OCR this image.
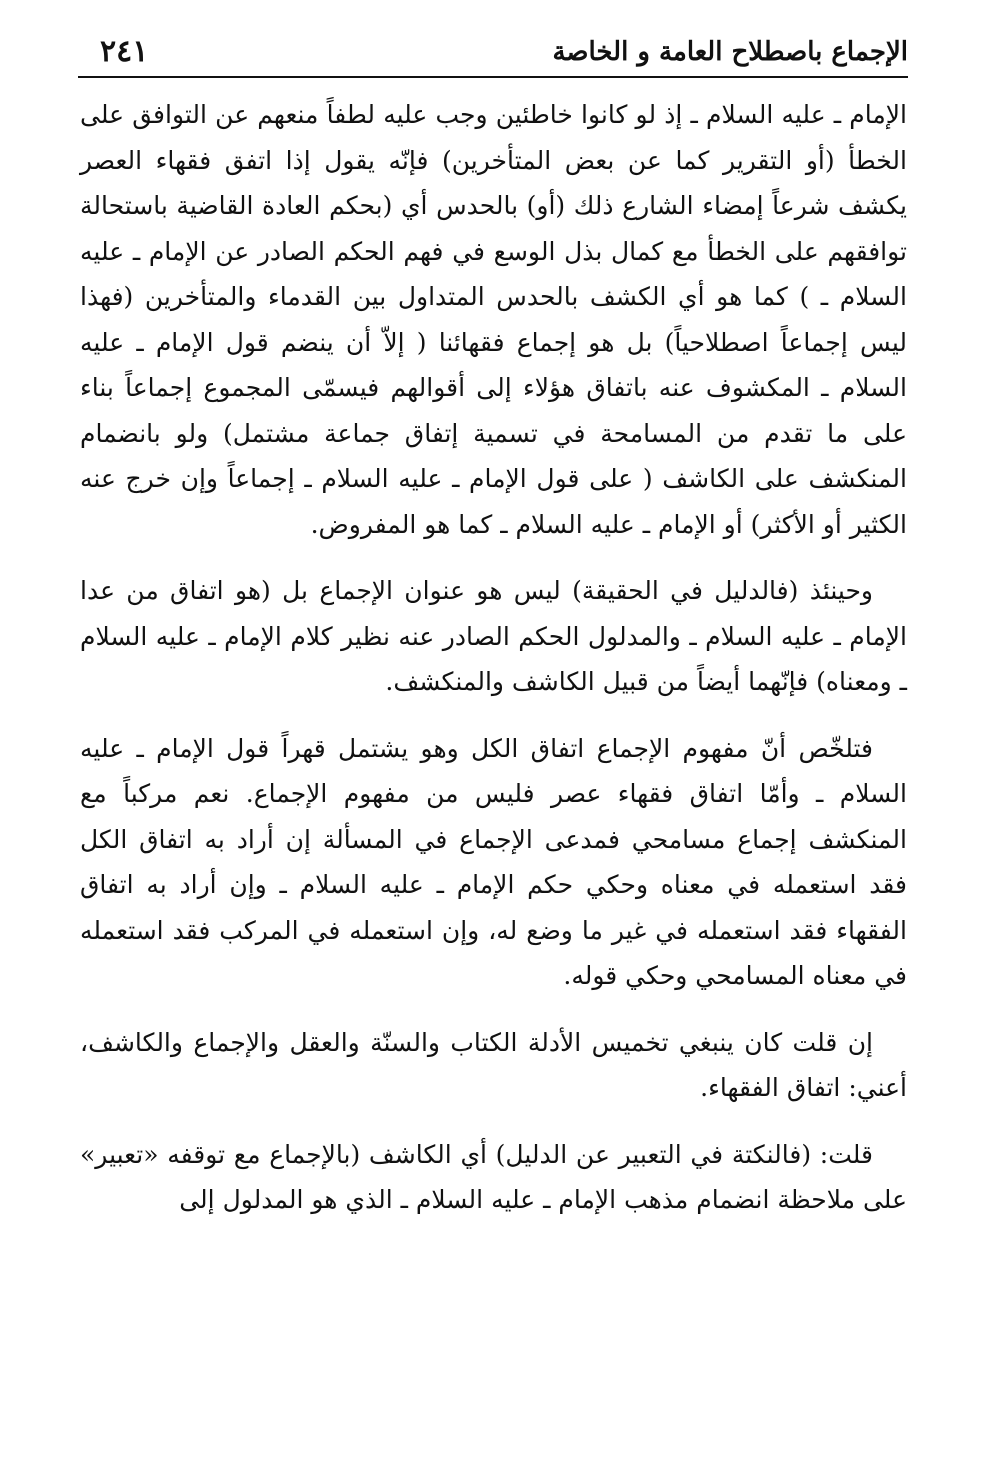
الإجماع باصطلاح العامة و الخاصة
٢٤١

الإمام ـ عليه السلام ـ إذ لو كانوا خاطئين وجب عليه لطفاً منعهم عن التوافق على الخطأ (أو التقرير كما عن بعض المتأخرين) فإنّه يقول إذا اتفق فقهاء العصر يكشف شرعاً إمضاء الشارع ذلك (أو) بالحدس أي (بحكم العادة القاضية باستحالة توافقهم على الخطأ مع كمال بذل الوسع في فهم الحكم الصادر عن الإمام ـ عليه السلام ـ ) كما هو أي الكشف بالحدس المتداول بين القدماء والمتأخرين (فهذا ليس إجماعاً اصطلاحياً) بل هو إجماع فقهائنا ( إلاّ أن ينضم قول الإمام ـ عليه السلام ـ المكشوف عنه باتفاق هؤلاء إلى أقوالهم فيسمّى المجموع إجماعاً بناء على ما تقدم من المسامحة في تسمية إتفاق جماعة مشتمل) ولو بانضمام المنكشف على الكاشف ( على قول الإمام ـ عليه السلام ـ إجماعاً وإن خرج عنه الكثير أو الأكثر) أو الإمام ـ عليه السلام ـ كما هو المفروض.

وحينئذ (فالدليل في الحقيقة) ليس هو عنوان الإجماع بل (هو اتفاق من عدا الإمام ـ عليه السلام ـ والمدلول الحكم الصادر عنه نظير كلام الإمام ـ عليه السلام ـ ومعناه) فإنّهما أيضاً من قبيل الكاشف والمنكشف.

فتلخّص أنّ مفهوم الإجماع اتفاق الكل وهو يشتمل قهراً قول الإمام ـ عليه السلام ـ وأمّا اتفاق فقهاء عصر فليس من مفهوم الإجماع. نعم مركباً مع المنكشف إجماع مسامحي فمدعى الإجماع في المسألة إن أراد به اتفاق الكل فقد استعمله في معناه وحكي حكم الإمام ـ عليه السلام ـ وإن أراد به اتفاق الفقهاء فقد استعمله في غير ما وضع له، وإن استعمله في المركب فقد استعمله في معناه المسامحي وحكي قوله.

إن قلت كان ينبغي تخميس الأدلة الكتاب والسنّة والعقل والإجماع والكاشف، أعني: اتفاق الفقهاء.

قلت: (فالنكتة في التعبير عن الدليل) أي الكاشف (بالإجماع مع توقفه «تعبير» على ملاحظة انضمام مذهب الإمام ـ عليه السلام ـ الذي هو المدلول إلى
